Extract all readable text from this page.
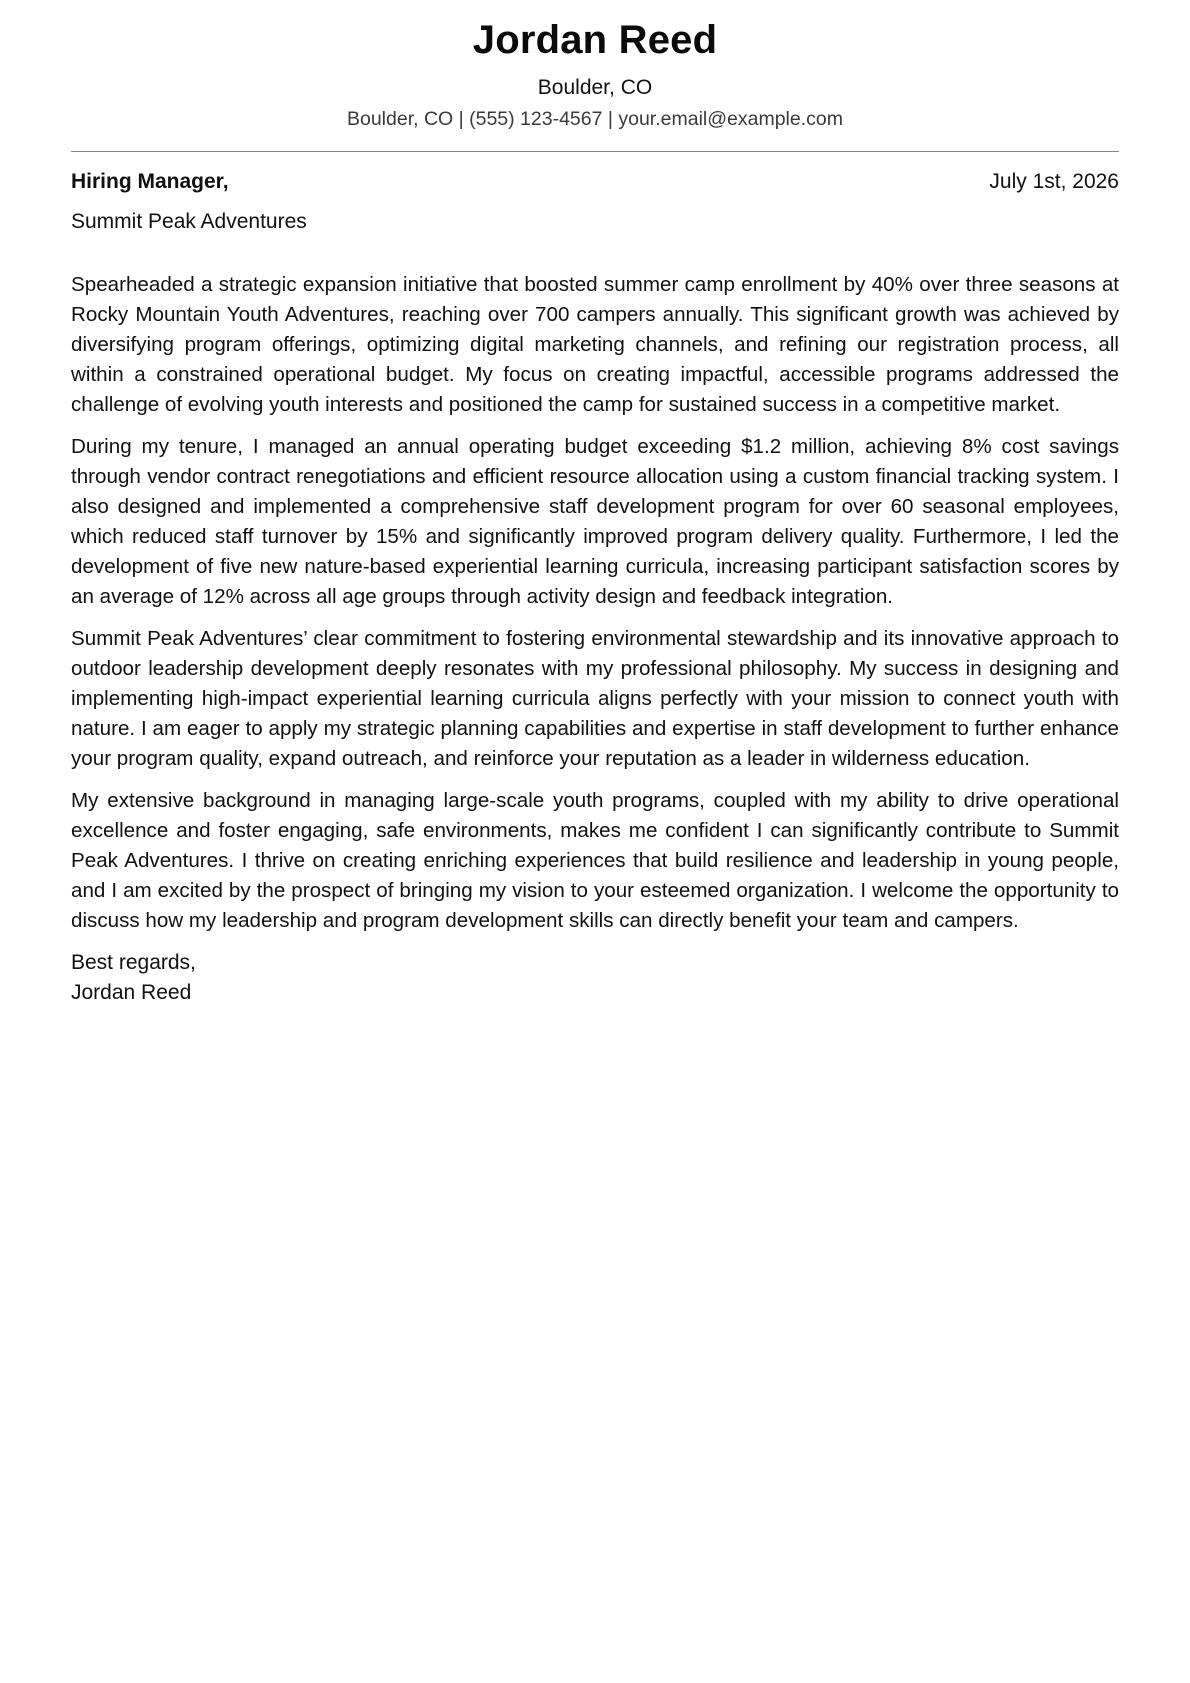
Jordan Reed
Boulder, CO
Boulder, CO | (555) 123-4567 | your.email@example.com
Hiring Manager,	July 1st, 2026
Summit Peak Adventures

Spearheaded a strategic expansion initiative that boosted summer camp enrollment by 40% over three seasons at Rocky Mountain Youth Adventures, reaching over 700 campers annually. This significant growth was achieved by diversifying program offerings, optimizing digital marketing channels, and refining our registration process, all within a constrained operational budget. My focus on creating impactful, accessible programs addressed the challenge of evolving youth interests and positioned the camp for sustained success in a competitive market.

During my tenure, I managed an annual operating budget exceeding $1.2 million, achieving 8% cost savings through vendor contract renegotiations and efficient resource allocation using a custom financial tracking system. I also designed and implemented a comprehensive staff development program for over 60 seasonal employees, which reduced staff turnover by 15% and significantly improved program delivery quality. Furthermore, I led the development of five new nature-based experiential learning curricula, increasing participant satisfaction scores by an average of 12% across all age groups through activity design and feedback integration.

Summit Peak Adventures’ clear commitment to fostering environmental stewardship and its innovative approach to outdoor leadership development deeply resonates with my professional philosophy. My success in designing and implementing high-impact experiential learning curricula aligns perfectly with your mission to connect youth with nature. I am eager to apply my strategic planning capabilities and expertise in staff development to further enhance your program quality, expand outreach, and reinforce your reputation as a leader in wilderness education.

My extensive background in managing large-scale youth programs, coupled with my ability to drive operational excellence and foster engaging, safe environments, makes me confident I can significantly contribute to Summit Peak Adventures. I thrive on creating enriching experiences that build resilience and leadership in young people, and I am excited by the prospect of bringing my vision to your esteemed organization. I welcome the opportunity to discuss how my leadership and program development skills can directly benefit your team and campers.

Best regards,
Jordan Reed
